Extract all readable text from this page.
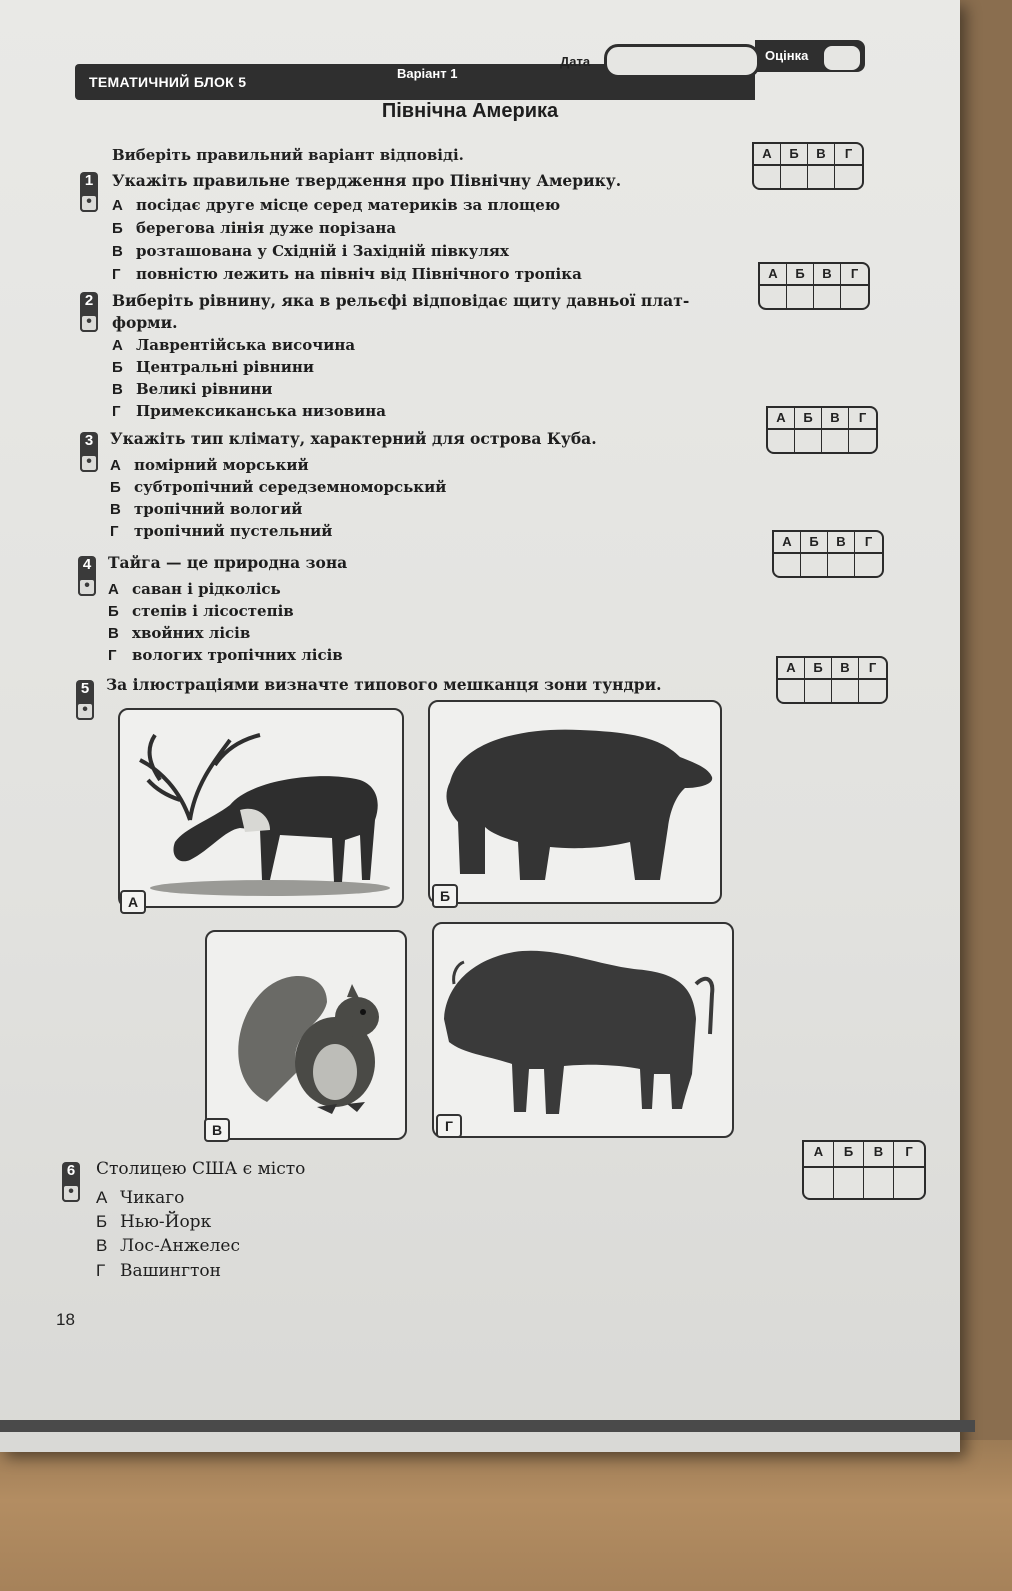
Оцінка
ТЕМАТИЧНИЙ БЛОК 5
Варіант 1
Дата
Північна Америка
Виберіть правильний варіант відповіді.
1
•
Укажіть правильне твердження про Північну Америку.
А посідає друге місце серед материків за площею
Б берегова лінія дуже порізана
В розташована у Східній і Західній півкулях
Г повністю лежить на північ від Північного тропіка
А	Б	В	Г
2
•
Виберіть рівнину, яка в рельєфі відповідає щиту давньої плат-
форми.
А Лаврентійська височина
Б Центральні рівнини
В Великі рівнини
Г Примексиканська низовина
А	Б	В	Г
3
•
Укажіть тип клімату, характерний для острова Куба.
А помірний морський
Б субтропічний середземноморський
В тропічний вологий
Г тропічний пустельний
А	Б	В	Г
4
•
Тайга — це природна зона
А саван і рідколісь
Б степів і лісостепів
В хвойних лісів
Г вологих тропічних лісів
А	Б	В	Г
5
•
За ілюстраціями визначте типового мешканця зони тундри.
А	Б	В	Г
А	Б
В	Г
6
•
Столицею США є місто
А Чикаго
Б Нью-Йорк
В Лос-Анжелес
Г Вашингтон
А	Б	В	Г
18
